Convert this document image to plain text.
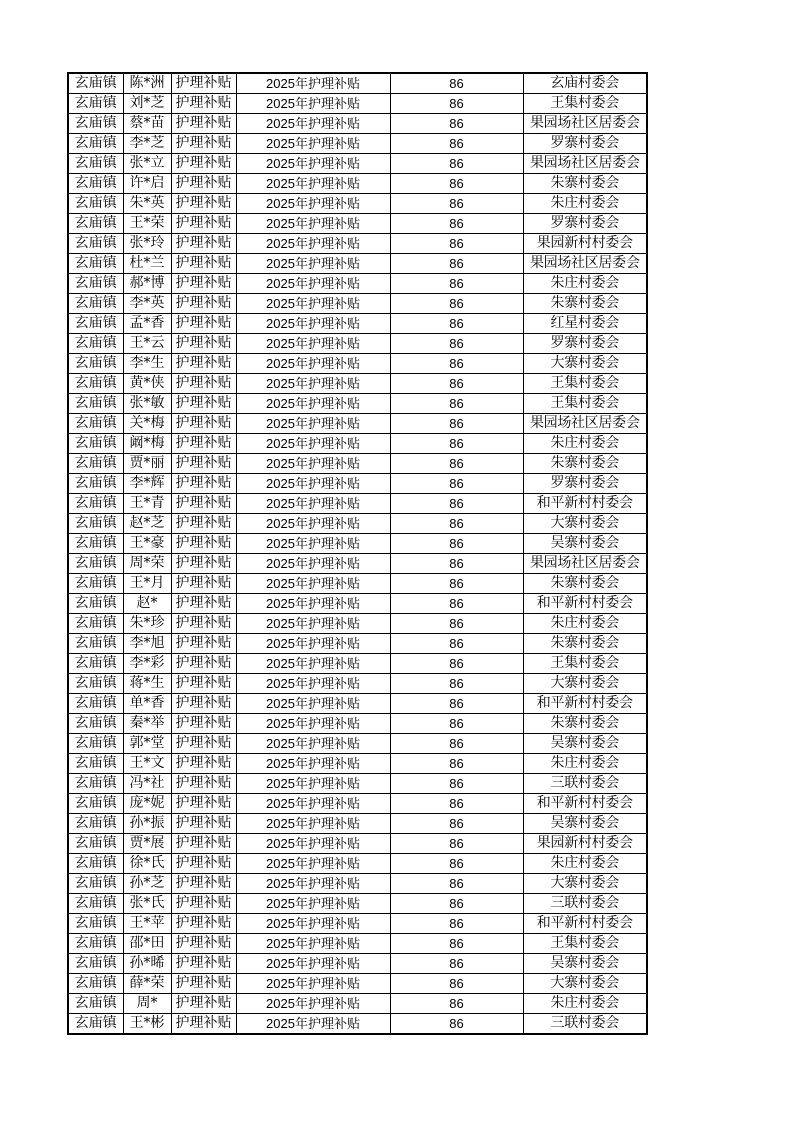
玄庙镇	陈*洲	护理补贴	2025年护理补贴	86	玄庙村委会
玄庙镇	刘*芝	护理补贴	2025年护理补贴	86	王集村委会
玄庙镇	蔡*苗	护理补贴	2025年护理补贴	86	果园场社区居委会
玄庙镇	李*芝	护理补贴	2025年护理补贴	86	罗寨村委会
玄庙镇	张*立	护理补贴	2025年护理补贴	86	果园场社区居委会
玄庙镇	许*启	护理补贴	2025年护理补贴	86	朱寨村委会
玄庙镇	朱*英	护理补贴	2025年护理补贴	86	朱庄村委会
玄庙镇	王*荣	护理补贴	2025年护理补贴	86	罗寨村委会
玄庙镇	张*玲	护理补贴	2025年护理补贴	86	果园新村村委会
玄庙镇	杜*兰	护理补贴	2025年护理补贴	86	果园场社区居委会
玄庙镇	郝*博	护理补贴	2025年护理补贴	86	朱庄村委会
玄庙镇	李*英	护理补贴	2025年护理补贴	86	朱寨村委会
玄庙镇	孟*香	护理补贴	2025年护理补贴	86	红星村委会
玄庙镇	王*云	护理补贴	2025年护理补贴	86	罗寨村委会
玄庙镇	李*生	护理补贴	2025年护理补贴	86	大寨村委会
玄庙镇	黄*侠	护理补贴	2025年护理补贴	86	王集村委会
玄庙镇	张*敏	护理补贴	2025年护理补贴	86	王集村委会
玄庙镇	关*梅	护理补贴	2025年护理补贴	86	果园场社区居委会
玄庙镇	阚*梅	护理补贴	2025年护理补贴	86	朱庄村委会
玄庙镇	贾*丽	护理补贴	2025年护理补贴	86	朱寨村委会
玄庙镇	李*辉	护理补贴	2025年护理补贴	86	罗寨村委会
玄庙镇	王*青	护理补贴	2025年护理补贴	86	和平新村村委会
玄庙镇	赵*芝	护理补贴	2025年护理补贴	86	大寨村委会
玄庙镇	王*豪	护理补贴	2025年护理补贴	86	吴寨村委会
玄庙镇	周*荣	护理补贴	2025年护理补贴	86	果园场社区居委会
玄庙镇	王*月	护理补贴	2025年护理补贴	86	朱寨村委会
玄庙镇	赵*	护理补贴	2025年护理补贴	86	和平新村村委会
玄庙镇	朱*珍	护理补贴	2025年护理补贴	86	朱庄村委会
玄庙镇	李*旭	护理补贴	2025年护理补贴	86	朱寨村委会
玄庙镇	李*彩	护理补贴	2025年护理补贴	86	王集村委会
玄庙镇	蒋*生	护理补贴	2025年护理补贴	86	大寨村委会
玄庙镇	单*香	护理补贴	2025年护理补贴	86	和平新村村委会
玄庙镇	秦*举	护理补贴	2025年护理补贴	86	朱寨村委会
玄庙镇	郭*堂	护理补贴	2025年护理补贴	86	吴寨村委会
玄庙镇	王*文	护理补贴	2025年护理补贴	86	朱庄村委会
玄庙镇	冯*社	护理补贴	2025年护理补贴	86	三联村委会
玄庙镇	庞*妮	护理补贴	2025年护理补贴	86	和平新村村委会
玄庙镇	孙*振	护理补贴	2025年护理补贴	86	吴寨村委会
玄庙镇	贾*展	护理补贴	2025年护理补贴	86	果园新村村委会
玄庙镇	徐*氏	护理补贴	2025年护理补贴	86	朱庄村委会
玄庙镇	孙*芝	护理补贴	2025年护理补贴	86	大寨村委会
玄庙镇	张*氏	护理补贴	2025年护理补贴	86	三联村委会
玄庙镇	王*苹	护理补贴	2025年护理补贴	86	和平新村村委会
玄庙镇	邵*田	护理补贴	2025年护理补贴	86	王集村委会
玄庙镇	孙*晞	护理补贴	2025年护理补贴	86	吴寨村委会
玄庙镇	薛*荣	护理补贴	2025年护理补贴	86	大寨村委会
玄庙镇	周*	护理补贴	2025年护理补贴	86	朱庄村委会
玄庙镇	王*彬	护理补贴	2025年护理补贴	86	三联村委会
